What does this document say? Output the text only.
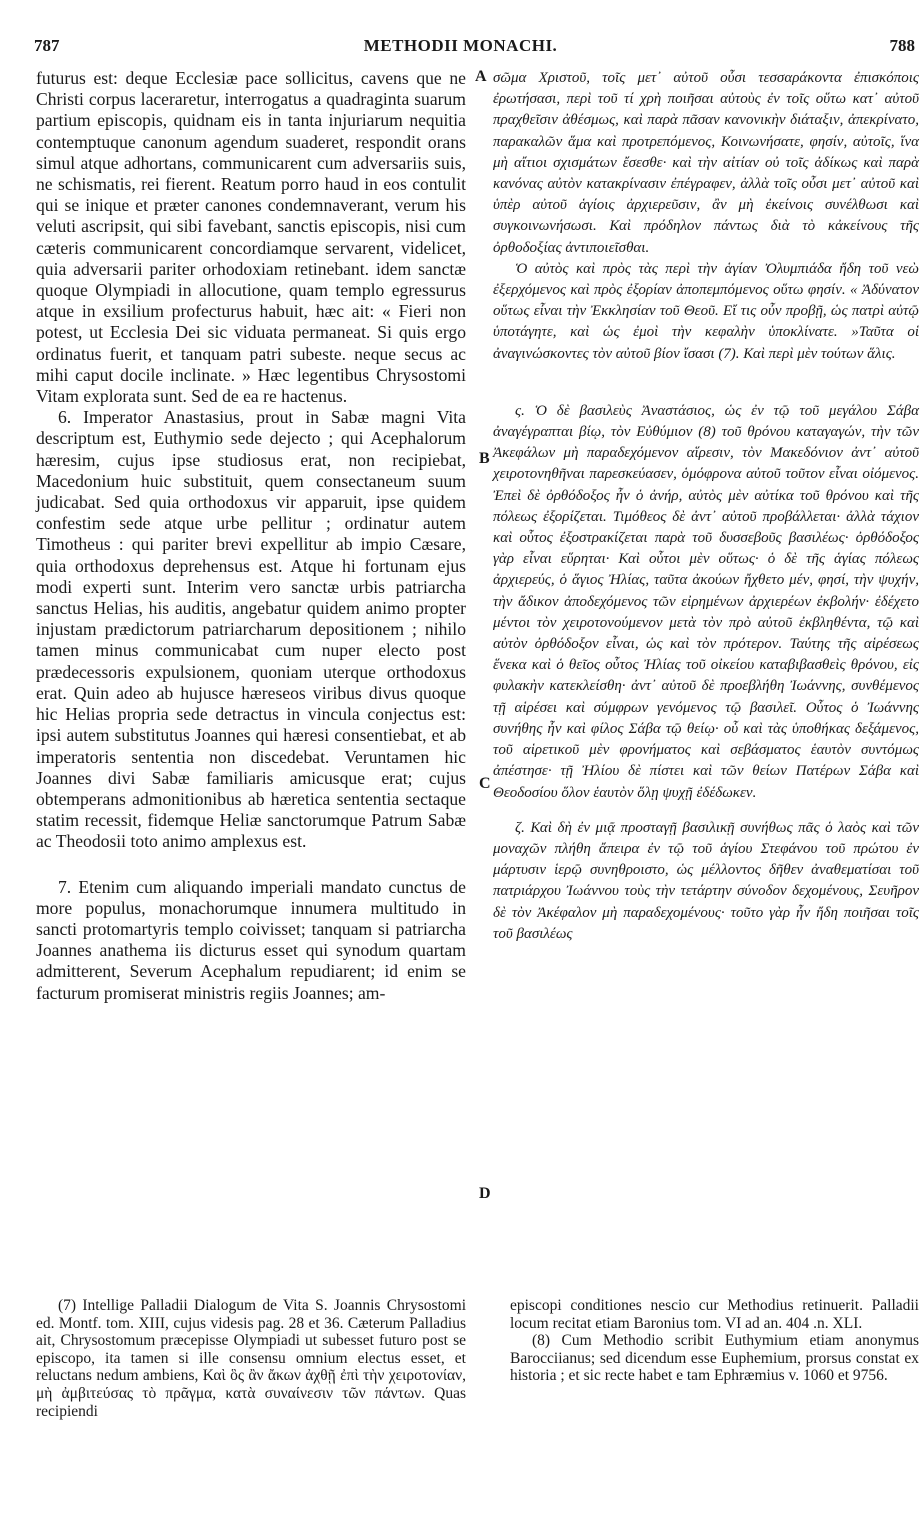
787	METHODII MONACHI.	788

futurus est: deque Ecclesiæ pace sollicitus, cavens que ne Christi corpus laceraretur, interrogatus a quadraginta suarum partium episcopis, quidnam eis in tanta injuriarum nequitia contemptuque canonum agendum suaderet, respondit orans simul atque adhortans, communicarent cum adversariis suis, ne schismatis, rei fierent. Reatum porro haud in eos contulit qui se inique et præter canones condemnaverant, verum his veluti ascripsit, qui sibi favebant, sanctis episcopis, nisi cum cæteris communicarent concordiamque servarent, videlicet, quia adversarii pariter orhodoxiam retinebant. idem sanctæ quoque Olympiadi in allocutione, quam templo egressurus atque in exsilium profecturus habuit, hæc ait: « Fieri non potest, ut Ecclesia Dei sic viduata permaneat. Si quis ergo ordinatus fuerit, et tanquam patri subeste. neque secus ac mihi caput docile inclinate. » Hæc legentibus Chrysostomi Vitam explorata sunt. Sed de ea re hactenus.

6. Imperator Anastasius, prout in Sabæ magni Vita descriptum est, Euthymio sede dejecto ; qui Acephalorum hæresim, cujus ipse studiosus erat, non recipiebat, Macedonium huic substituit, quem consectaneum suum judicabat. Sed quia orthodoxus vir apparuit, ipse quidem confestim sede atque urbe pellitur ; ordinatur autem Timotheus : qui pariter brevi expellitur ab impio Cæsare, quia orthodoxus deprehensus est. Atque hi fortunam ejus modi experti sunt. Interim vero sanctæ urbis patriarcha sanctus Helias, his auditis, angebatur quidem animo propter injustam prædictorum patriarcharum depositionem ; nihilo tamen minus communicabat cum nuper electo post prædecessoris expulsionem, quoniam uterque orthodoxus erat. Quin adeo ab hujusce hæreseos viribus divus quoque hic Helias propria sede detractus in vincula conjectus est: ipsi autem substitutus Joannes qui hæresi consentiebat, et ab imperatoris sententia non discedebat. Veruntamen hic Joannes divi Sabæ familiaris amicusque erat; cujus obtemperans admonitionibus ab hæretica sententia sectaque statim recessit, fidemque Heliæ sanctorumque Patrum Sabæ ac Theodosii toto animo amplexus est.

7. Etenim cum aliquando imperiali mandato cunctus de more populus, monachorumque innumera multitudo in sancti protomartyris templo coivisset; tanquam si patriarcha Joannes anathema iis dicturus esset qui synodum quartam admitterent, Severum Acephalum repudiarent; id enim se facturum promiserat ministris regiis Joannes; am-

A
B
C
D

σῶμα Χριστοῦ, τοῖς μετ᾿ αὐτοῦ οὖσι τεσσαράκοντα ἐπισκόποις ἐρωτήσασι, περὶ τοῦ τί χρὴ ποιῆσαι αὐτοὺς ἐν τοῖς οὕτω κατ᾿ αὐτοῦ πραχθεῖσιν ἀθέσμως, καὶ παρὰ πᾶσαν κανονικὴν διάταξιν, ἀπεκρίνατο, παρακαλῶν ἅμα καὶ προτρεπόμενος, Κοινωνήσατε, φησίν, αὐτοῖς, ἵνα μὴ αἴτιοι σχισμάτων ἔσεσθε· καὶ τὴν αἰτίαν οὐ τοῖς ἀδίκως καὶ παρὰ κανόνας αὐτὸν κατακρίνασιν ἐπέγραφεν, ἀλλὰ τοῖς οὖσι μετ᾿ αὐτοῦ καὶ ὑπὲρ αὐτοῦ ἁγίοις ἀρχιερεῦσιν, ἂν μὴ ἐκείνοις συνέλθωσι καὶ συγκοινωνήσωσι. Καὶ πρόδηλον πάντως διὰ τὸ κἀκείνους τῆς ὀρθοδοξίας ἀντιποιεῖσθαι.

Ὁ αὐτὸς καὶ πρὸς τὰς περὶ τὴν ἁγίαν Ὀλυμπιάδα ἤδη τοῦ νεὼ ἐξερχόμενος καὶ πρὸς ἐξορίαν ἀποπεμπόμενος οὕτω φησίν. « Ἀδύνατον οὕτως εἶναι τὴν Ἐκκλησίαν τοῦ Θεοῦ. Εἴ τις οὖν προβῇ, ὡς πατρὶ αὐτῷ ὑποτάγητε, καὶ ὡς ἐμοὶ τὴν κεφαλὴν ὑποκλίνατε. »Ταῦτα οἱ ἀναγινώσκοντες τὸν αὐτοῦ βίον ἴσασι (7). Καὶ περὶ μὲν τούτων ἅλις.

ς. Ὁ δὲ βασιλεὺς Ἀναστάσιος, ὡς ἐν τῷ τοῦ μεγάλου Σάβα ἀναγέγραπται βίῳ, τὸν Εὐθύμιον (8) τοῦ θρόνου καταγαγών, τὴν τῶν Ἀκεφάλων μὴ παραδεχόμενον αἵρεσιν, τὸν Μακεδόνιον ἀντ᾿ αὐτοῦ χειροτονηθῆναι παρεσκεύασεν, ὁμόφρονα αὐτοῦ τοῦτον εἶναι οἰόμενος. Ἐπεὶ δὲ ὀρθόδοξος ἦν ὁ ἀνήρ, αὐτὸς μὲν αὐτίκα τοῦ θρόνου καὶ τῆς πόλεως ἐξορίζεται. Τιμόθεος δὲ ἀντ᾿ αὐτοῦ προβάλλεται· ἀλλὰ τάχιον καὶ οὗτος ἐξοστρακίζεται παρὰ τοῦ δυσσεβοῦς βασιλέως· ὀρθόδοξος γὰρ εἶναι εὕρηται· Καὶ οὗτοι μὲν οὕτως· ὁ δὲ τῆς ἁγίας πόλεως ἀρχιερεύς, ὁ ἅγιος Ἠλίας, ταῦτα ἀκούων ἤχθετο μέν, φησί, τὴν ψυχήν, τὴν ἄδικον ἀποδεχόμενος τῶν εἰρημένων ἀρχιερέων ἐκβολήν· ἐδέχετο μέντοι τὸν χειροτονούμενον μετὰ τὸν πρὸ αὐτοῦ ἐκβληθέντα, τῷ καὶ αὐτὸν ὀρθόδοξον εἶναι, ὡς καὶ τὸν πρότερον. Ταύτης τῆς αἱρέσεως ἕνεκα καὶ ὁ θεῖος οὗτος Ἠλίας τοῦ οἰκείου καταβιβασθεὶς θρόνου, εἰς φυλακὴν κατεκλείσθη· ἀντ᾿ αὐτοῦ δὲ προεβλήθη Ἰωάννης, συνθέμενος τῇ αἱρέσει καὶ σύμφρων γενόμενος τῷ βασιλεῖ. Οὗτος ὁ Ἰωάννης συνήθης ἦν καὶ φίλος Σάβα τῷ θείῳ· οὗ καὶ τὰς ὑποθήκας δεξάμενος, τοῦ αἱρετικοῦ μὲν φρονήματος καὶ σεβάσματος ἑαυτὸν συντόμως ἀπέστησε· τῇ Ἠλίου δὲ πίστει καὶ τῶν θείων Πατέρων Σάβα καὶ Θεοδοσίου ὅλον ἑαυτὸν ὅλῃ ψυχῇ ἐδέδωκεν.

ζ. Καὶ δὴ ἐν μιᾷ προσταγῇ βασιλικῇ συνήθως πᾶς ὁ λαὸς καὶ τῶν μοναχῶν πλήθη ἄπειρα ἐν τῷ τοῦ ἁγίου Στεφάνου τοῦ πρώτου ἐν μάρτυσιν ἱερῷ συνηθροιστο, ὡς μέλλοντος δῆθεν ἀναθεματίσαι τοῦ πατριάρχου Ἰωάννου τοὺς τὴν τετάρτην σύνοδον δεχομένους, Σευῆρον δὲ τὸν Ἀκέφαλον μὴ παραδεχομένους· τοῦτο γὰρ ἦν ἤδη ποιῆσαι τοῖς τοῦ βασιλέως

(7) Intellige Palladii Dialogum de Vita S. Joannis Chrysostomi ed. Montf. tom. XIII, cujus videsis pag. 28 et 36. Cæterum Palladius ait, Chrysostomum præcepisse Olympiadi ut subesset futuro post se episcopo, ita tamen si ille consensu omnium electus esset, et reluctans nedum ambiens, Καὶ ὃς ἂν ἄκων ἀχθῇ ἐπὶ τὴν χειροτονίαν, μὴ ἀμβιτεύσας τὸ πρᾶγμα, κατὰ συναίνεσιν τῶν πάντων. Quas recipiendi

episcopi conditiones nescio cur Methodius retinuerit. Palladii locum recitat etiam Baronius tom. VI ad an. 404 .n. XLI.

(8) Cum Methodio scribit Euthymium etiam anonymus Barocciianus; sed dicendum esse Euphemium, prorsus constat ex historia ; et sic recte habet e tam Ephræmius v. 1060 et 9756.
